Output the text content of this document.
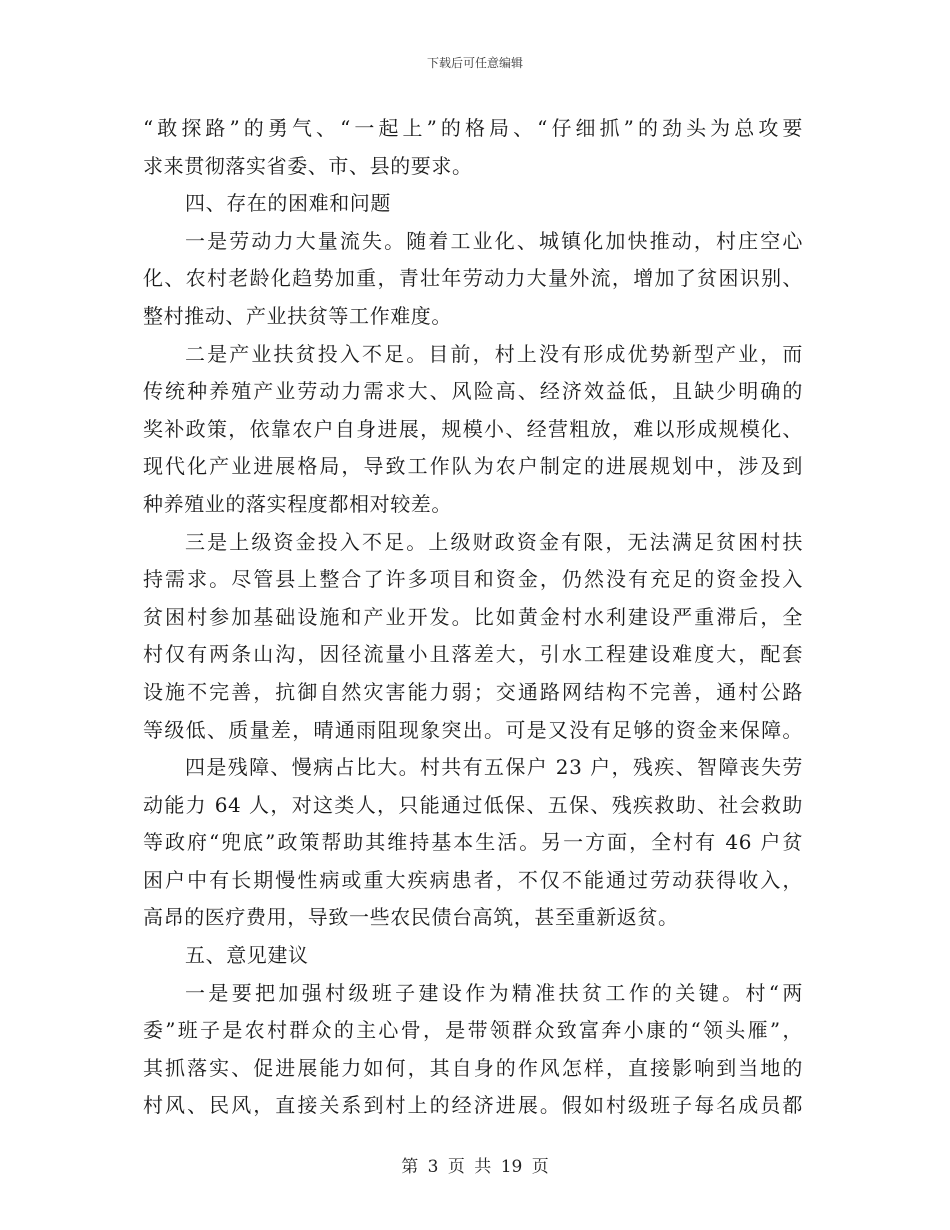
下载后可任意编辑
“敢探路”的勇气、“一起上”的格局、“仔细抓”的劲头为总攻要
求来贯彻落实省委、市、县的要求。
四、存在的困难和问题
一是劳动力大量流失。随着工业化、城镇化加快推动，村庄空心
化、农村老龄化趋势加重，青壮年劳动力大量外流，增加了贫困识别、
整村推动、产业扶贫等工作难度。
二是产业扶贫投入不足。目前，村上没有形成优势新型产业，而
传统种养殖产业劳动力需求大、风险高、经济效益低，且缺少明确的
奖补政策，依靠农户自身进展，规模小、经营粗放，难以形成规模化、
现代化产业进展格局，导致工作队为农户制定的进展规划中，涉及到
种养殖业的落实程度都相对较差。
三是上级资金投入不足。上级财政资金有限，无法满足贫困村扶
持需求。尽管县上整合了许多项目和资金，仍然没有充足的资金投入
贫困村参加基础设施和产业开发。比如黄金村水利建设严重滞后，全
村仅有两条山沟，因径流量小且落差大，引水工程建设难度大，配套
设施不完善，抗御自然灾害能力弱；交通路网结构不完善，通村公路
等级低、质量差，晴通雨阻现象突出。可是又没有足够的资金来保障。
四是残障、慢病占比大。村共有五保户 23 户，残疾、智障丧失劳
动能力 64 人，对这类人，只能通过低保、五保、残疾救助、社会救助
等政府“兜底”政策帮助其维持基本生活。另一方面，全村有 46 户贫
困户中有长期慢性病或重大疾病患者，不仅不能通过劳动获得收入，
高昂的医疗费用，导致一些农民债台高筑，甚至重新返贫。
五、意见建议
一是要把加强村级班子建设作为精准扶贫工作的关键。村“两
委”班子是农村群众的主心骨，是带领群众致富奔小康的“领头雁”，
其抓落实、促进展能力如何，其自身的作风怎样，直接影响到当地的
村风、民风，直接关系到村上的经济进展。假如村级班子每名成员都
第 3 页 共 19 页
